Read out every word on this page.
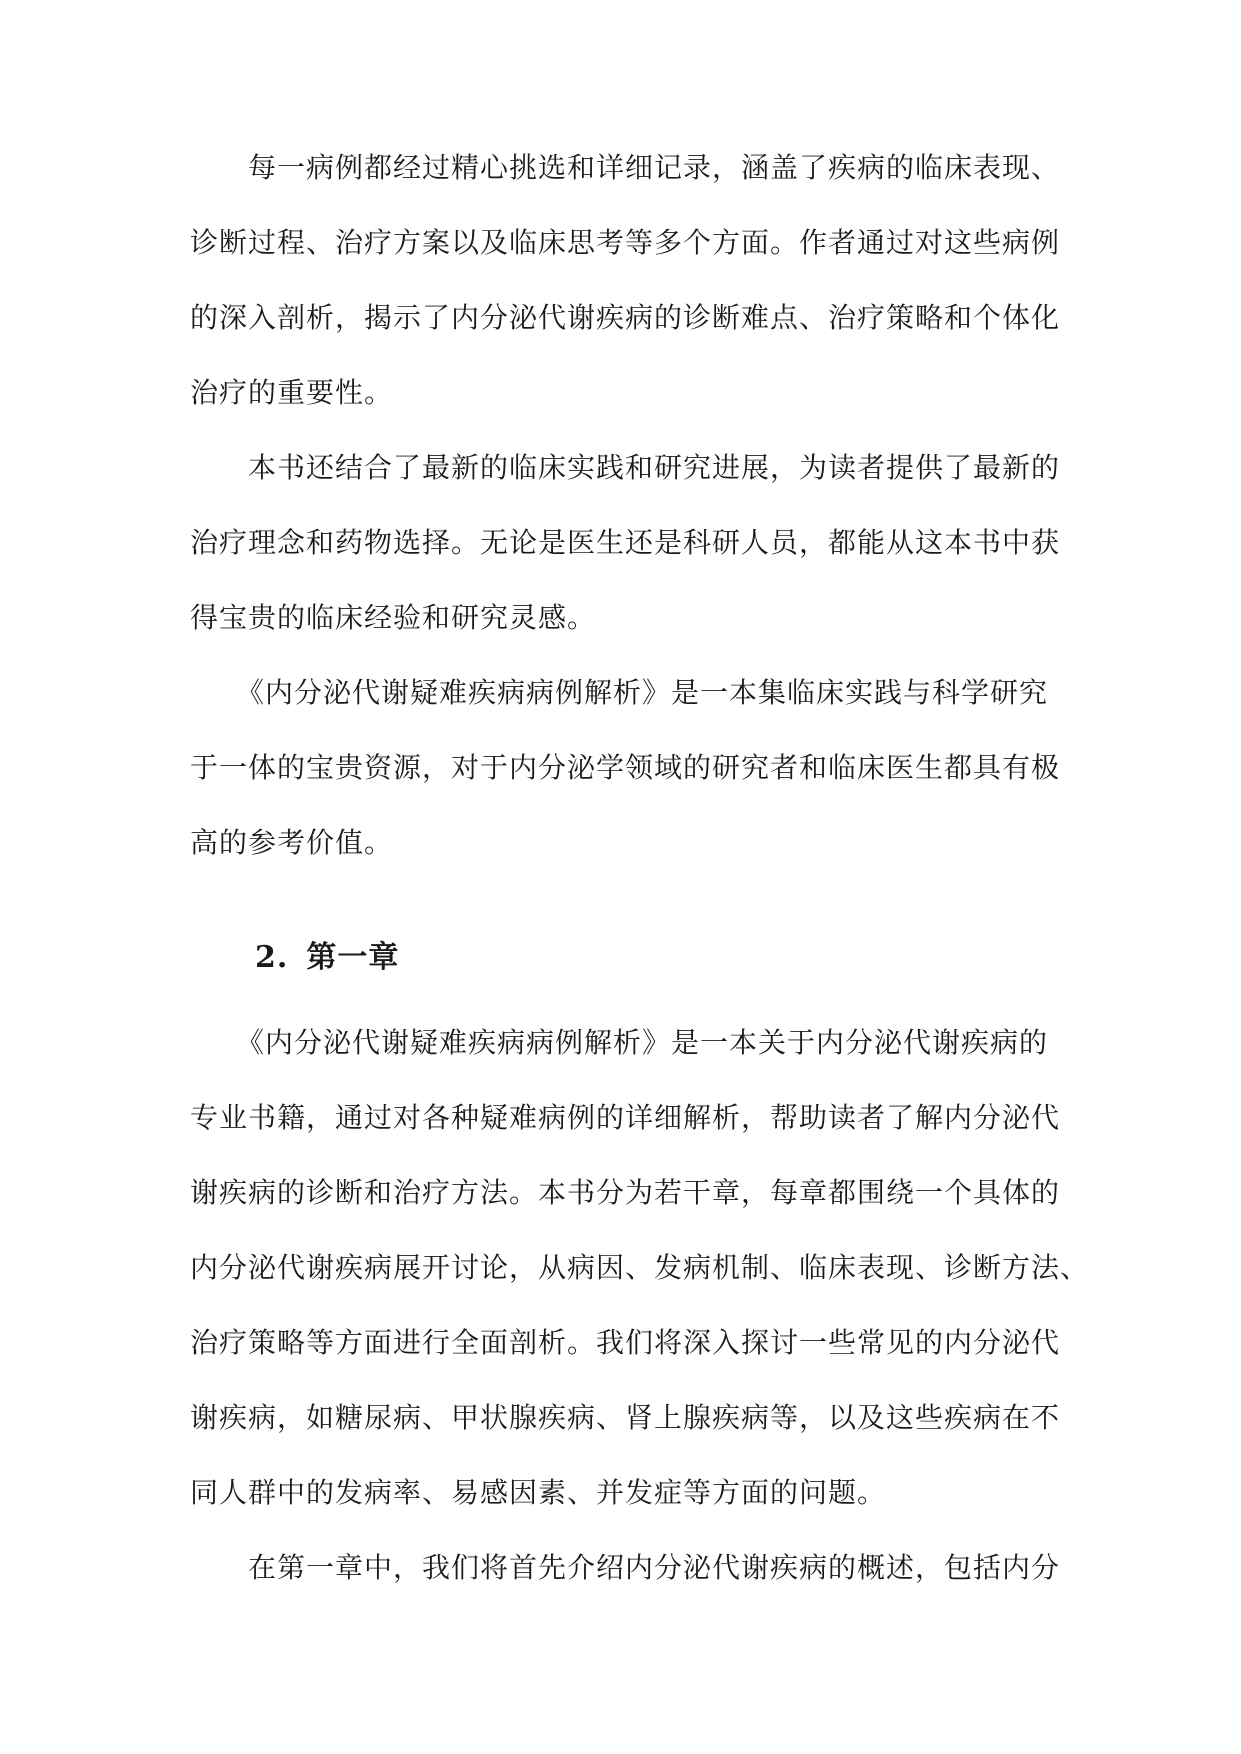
每一病例都经过精心挑选和详细记录，涵盖了疾病的临床表现、
诊断过程、治疗方案以及临床思考等多个方面。作者通过对这些病例
的深入剖析，揭示了内分泌代谢疾病的诊断难点、治疗策略和个体化
治疗的重要性。

本书还结合了最新的临床实践和研究进展，为读者提供了最新的
治疗理念和药物选择。无论是医生还是科研人员，都能从这本书中获
得宝贵的临床经验和研究灵感。

《内分泌代谢疑难疾病病例解析》是一本集临床实践与科学研究
于一体的宝贵资源，对于内分泌学领域的研究者和临床医生都具有极
高的参考价值。

2. 第一章

《内分泌代谢疑难疾病病例解析》是一本关于内分泌代谢疾病的
专业书籍，通过对各种疑难病例的详细解析，帮助读者了解内分泌代
谢疾病的诊断和治疗方法。本书分为若干章，每章都围绕一个具体的
内分泌代谢疾病展开讨论，从病因、发病机制、临床表现、诊断方法、
治疗策略等方面进行全面剖析。我们将深入探讨一些常见的内分泌代
谢疾病，如糖尿病、甲状腺疾病、肾上腺疾病等，以及这些疾病在不
同人群中的发病率、易感因素、并发症等方面的问题。

在第一章中，我们将首先介绍内分泌代谢疾病的概述，包括内分
